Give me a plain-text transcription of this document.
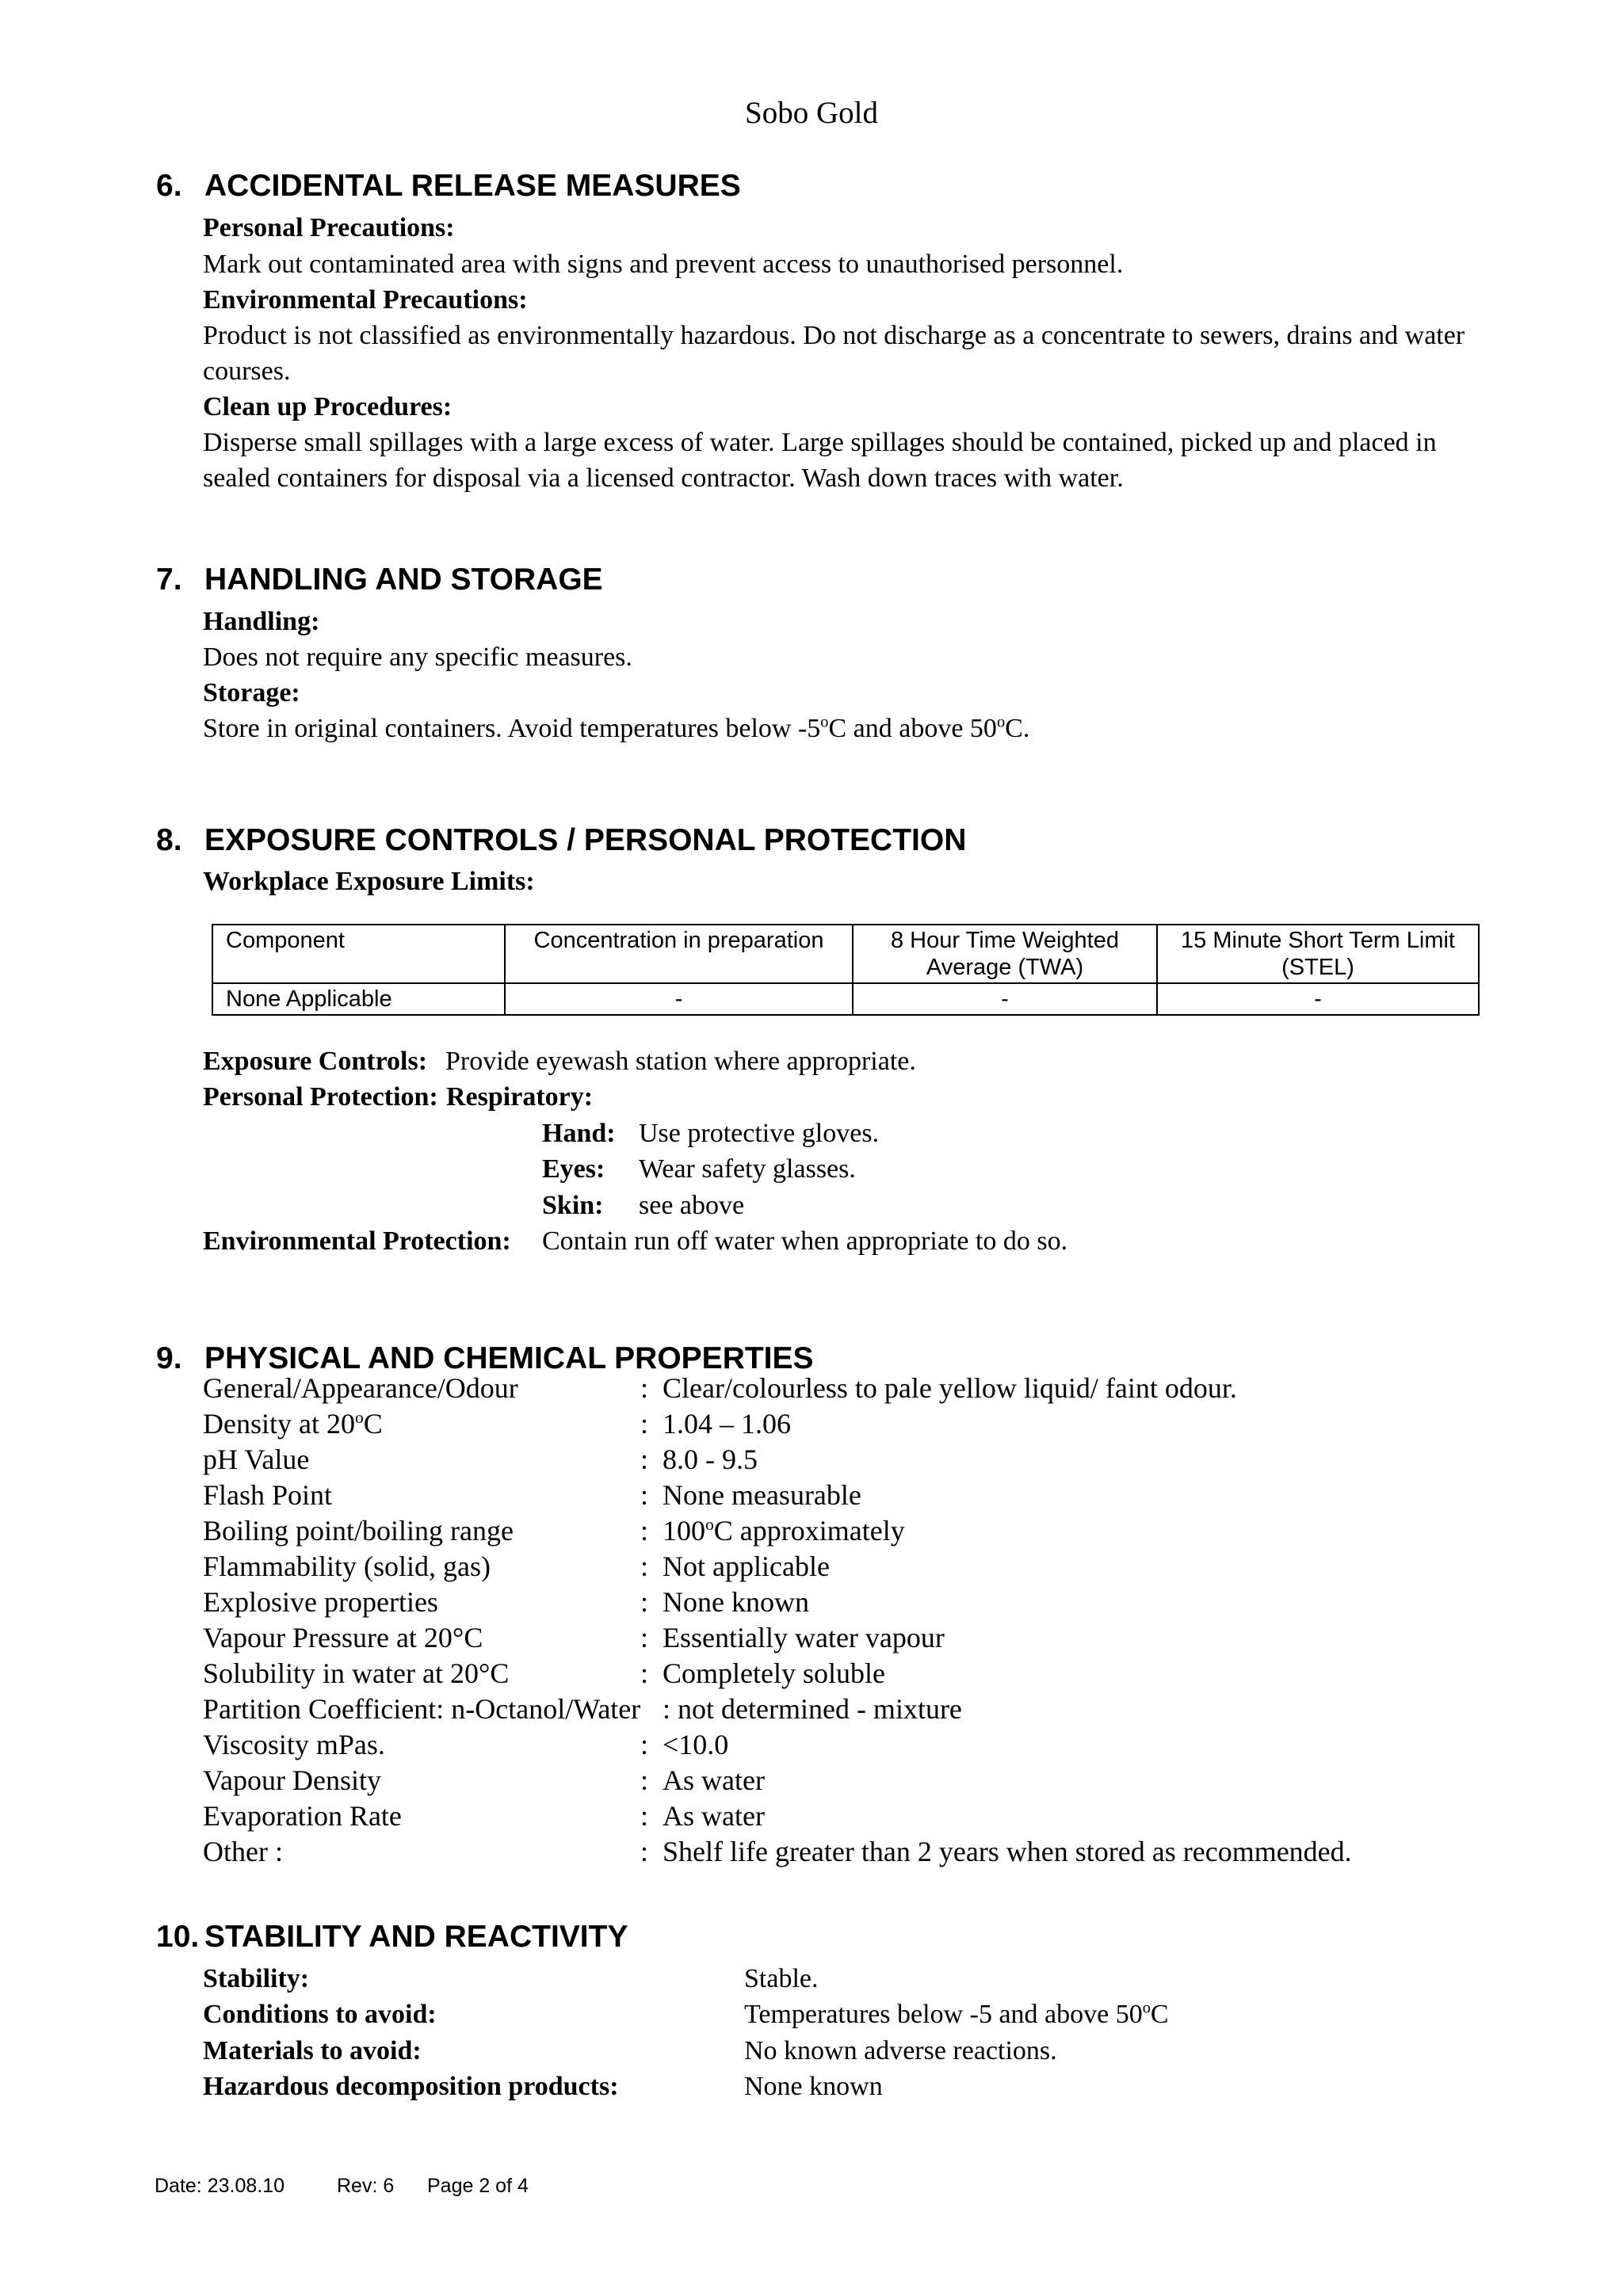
Sobo Gold
6. ACCIDENTAL RELEASE MEASURES
Personal Precautions:
Mark out contaminated area with signs and prevent access to unauthorised personnel.
Environmental Precautions:
Product is not classified as environmentally hazardous. Do not discharge as a concentrate to sewers, drains and water courses.
Clean up Procedures:
Disperse small spillages with a large excess of water. Large spillages should be contained, picked up and placed in sealed containers for disposal via a licensed contractor. Wash down traces with water.
7. HANDLING AND STORAGE
Handling:
Does not require any specific measures.
Storage:
Store in original containers. Avoid temperatures below -5$^o$C and above 50$^o$C.
8. EXPOSURE CONTROLS / PERSONAL PROTECTION
Workplace Exposure Limits:
Component	Concentration in preparation	8 Hour Time Weighted Average (TWA)	15 Minute Short Term Limit (STEL)
None Applicable	-	-	-
Exposure Controls: Provide eyewash station where appropriate.
Personal Protection: Respiratory:
Hand: Use protective gloves.
Eyes: Wear safety glasses.
Skin: see above
Environmental Protection: Contain run off water when appropriate to do so.
9. PHYSICAL AND CHEMICAL PROPERTIES
General/Appearance/Odour	: Clear/colourless to pale yellow liquid/ faint odour.
Density at 20$^o$C	: 1.04 – 1.06
pH Value	: 8.0 - 9.5
Flash Point	: None measurable
Boiling point/boiling range	: 100$^o$C approximately
Flammability (solid, gas)	: Not applicable
Explosive properties	: None known
Vapour Pressure at 20°C	: Essentially water vapour
Solubility in water at 20°C	: Completely soluble
Partition Coefficient: n-Octanol/Water : not determined - mixture
Viscosity mPas.	: <10.0
Vapour Density	: As water
Evaporation Rate	: As water
Other :	: Shelf life greater than 2 years when stored as recommended.
10. STABILITY AND REACTIVITY
Stability:	Stable.
Conditions to avoid:	Temperatures below -5 and above 50$^o$C
Materials to avoid:	No known adverse reactions.
Hazardous decomposition products:	None known
Date: 23.08.10	Rev: 6 Page 2 of 4
